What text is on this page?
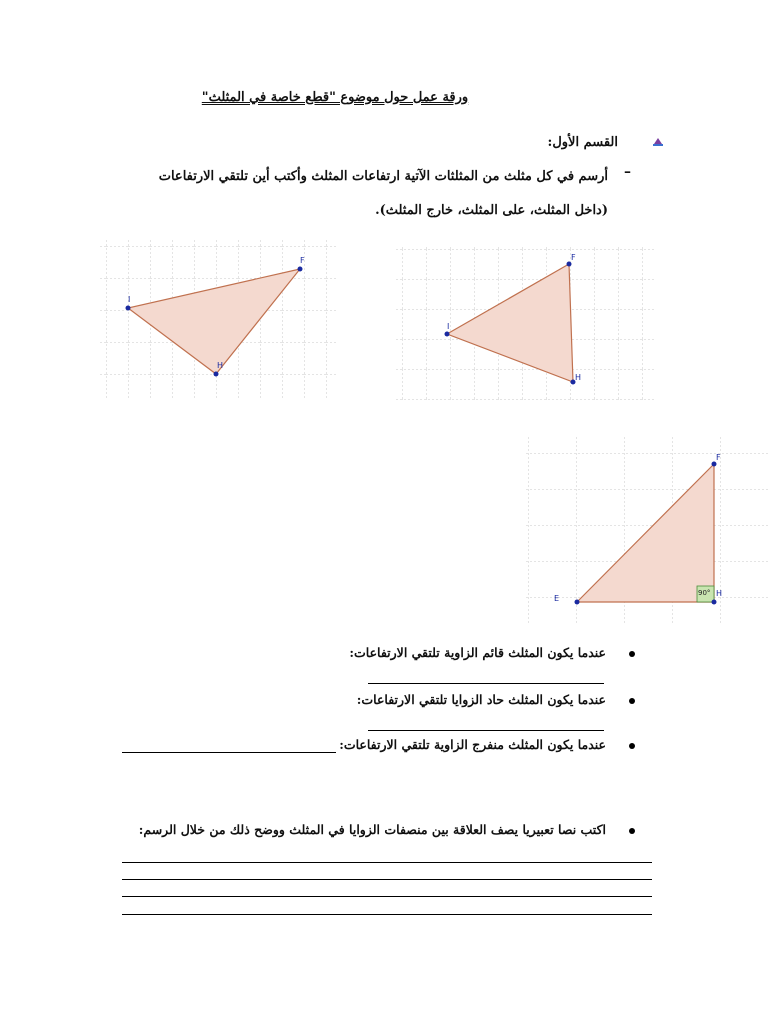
ورقة عمل حول موضوع "قطع خاصة في المثلث"
القسم الأول:
–
أرسم في كل مثلث من المثلثات الآتية ارتفاعات المثلث وأكتب أين تلتقي الارتفاعات (داخل المثلث، على المثلث، خارج المثلث).
F
I
H
F
I
H
F
E
H
90°
عندما يكون المثلث قائم الزاوية تلتقي الارتفاعات:
عندما يكون المثلث حاد الزوايا تلتقي الارتفاعات:
عندما يكون المثلث منفرج الزاوية تلتقي الارتفاعات:
اكتب نصا تعبيريا يصف العلاقة بين منصفات الزوايا في المثلث ووضح ذلك من خلال الرسم:
